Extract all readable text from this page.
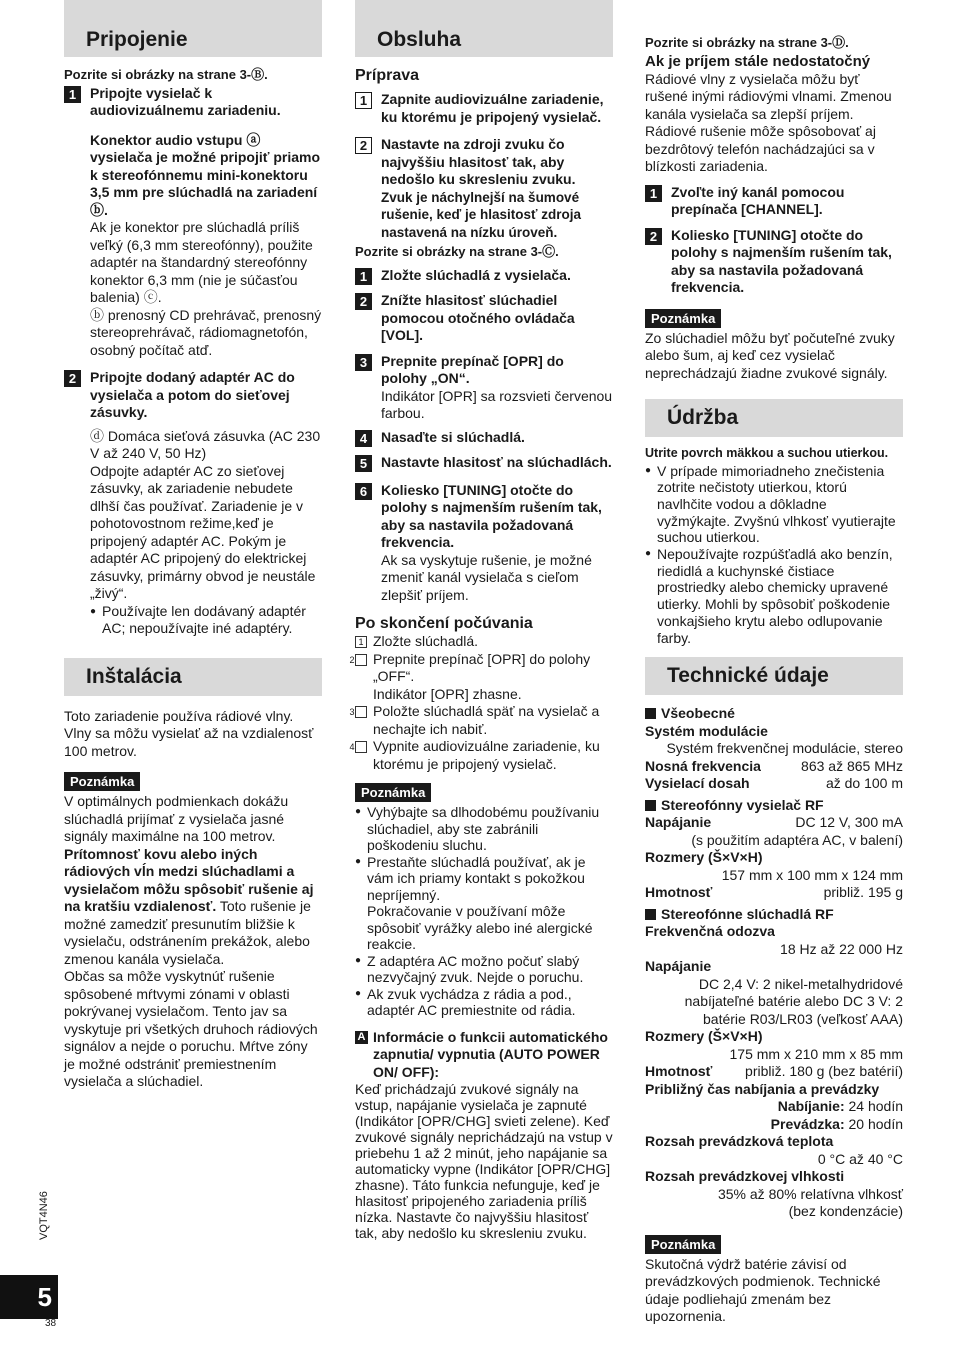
Pripojenie

Pozrite si obrázky na strane 3-Ⓑ.

1 Pripojte vysielač k audiovizuálnemu zariadeniu.
Konektor audio vstupu ⓐ vysielača je možné pripojiť priamo k stereofónnemu mini-konektoru 3,5 mm pre slúchadlá na zariadení ⓑ.
Ak je konektor pre slúchadlá príliš veľký (6,3 mm stereofónny), použite adaptér na štandardný stereofónny konektor 6,3 mm (nie je súčasťou balenia) ⓒ.
ⓑ prenosný CD prehrávač, prenosný stereoprehrávač, rádiomagnetofón, osobný počítač atď.
2 Pripojte dodaný adaptér AC do vysielača a potom do sieťovej zásuvky.
ⓓ Domáca sieťová zásuvka (AC 230 V až 240 V, 50 Hz)
Odpojte adaptér AC zo sieťovej zásuvky, ak zariadenie nebudete dlhší čas používať. Zariadenie je v pohotovostnom režime,keď je pripojený adaptér AC. Pokým je adaptér AC pripojený do elektrickej zásuvky, primárny obvod je neustále „živý“.
● Používajte len dodávaný adaptér AC; nepoužívajte iné adaptéry.
Inštalácia

Toto zariadenie používa rádiové vlny. Vlny sa môžu vysielať až na vzdialenosť 100 metrov.

Poznámka

V optimálnych podmienkach dokážu slúchadlá prijímať z vysielača jasné signály maximálne na 100 metrov.
Prítomnosť kovu alebo iných rádiových vĺn medzi slúchadlami a vysielačom môžu spôsobiť rušenie aj na kratšiu vzdialenosť. Toto rušenie je možné zamedziť presunutím bližšie k vysielaču, odstránením prekážok, alebo zmenou kanála vysielača.
Občas sa môže vyskytnúť rušenie spôsobené mŕtvymi zónami v oblasti pokrývanej vysielačom. Tento jav sa vyskytuje pri všetkých druhoch rádiových signálov a nejde o poruchu. Mŕtve zóny je možné odstrániť premiestnením vysielača a slúchadiel.

Obsluha

Príprava

1 Zapnite audiovizuálne zariadenie, ku ktorému je pripojený vysielač.
2 Nastavte na zdroji zvuku čo najvyššiu hlasitosť tak, aby nedošlo ku skresleniu zvuku.
Zvuk je náchylnejší na šumové rušenie, keď je hlasitosť zdroja nastavená na nízku úroveň.

Pozrite si obrázky na strane 3-Ⓒ.

1 Zložte slúchadlá z vysielača.
2 Znížte hlasitosť slúchadiel pomocou otočného ovládača [VOL].
3 Prepnite prepínač [OPR] do polohy „ON“.
Indikátor [OPR] sa rozsvieti červenou farbou.
4 Nasaďte si slúchadlá.
5 Nastavte hlasitosť na slúchadlách.
6 Koliesko [TUNING] otočte do polohy s najmenším rušením tak, aby sa nastavila požadovaná frekvencia.
Ak sa vyskytuje rušenie, je možné zmeniť kanál vysielača s cieľom zlepšiť príjem.

Po skončení počúvania

1 Zložte slúchadlá.
2 Prepnite prepínač [OPR] do polohy „OFF“.
Indikátor [OPR] zhasne.
3 Položte slúchadlá späť na vysielač a nechajte ich nabiť.
4 Vypnite audiovizuálne zariadenie, ku ktorému je pripojený vysielač.
Poznámka
● Vyhýbajte sa dlhodobému používaniu slúchadiel, aby ste zabránili poškodeniu sluchu.
● Prestaňte slúchadlá používať, ak je vám ich priamy kontakt s pokožkou nepríjemný.
Pokračovanie v používaní môže spôsobiť vyrážky alebo iné alergické reakcie.
● Z adaptéra AC možno počuť slabý nezvyčajný zvuk. Nejde o poruchu.
● Ak zvuk vychádza z rádia a pod., adaptér AC premiestnite od rádia.
A Informácie o funkcii automatického zapnutia/ vypnutia (AUTO POWER ON/ OFF):
Keď prichádzajú zvukové signály na vstup, napájanie vysielača je zapnuté (Indikátor [OPR/CHG] svieti zelene). Keď zvukové signály neprichádzajú na vstup v priebehu 1 až 2 minút, jeho napájanie sa automaticky vypne (Indikátor [OPR/CHG] zhasne). Táto funkcia nefunguje, keď je hlasitosť pripojeného zariadenia príliš nízka. Nastavte čo najvyššiu hlasitosť tak, aby nedošlo ku skresleniu zvuku.

Pozrite si obrázky na strane 3-Ⓓ.

Ak je príjem stále nedostatočný

Rádiové vlny z vysielača môžu byť rušené inými rádiovými vlnami. Zmenou kanála vysielača sa zlepší príjem. Rádiové rušenie môže spôsobovať aj bezdrôtový telefón nachádzajúci sa v blízkosti zariadenia.

1 Zvoľte iný kanál pomocou prepínača [CHANNEL].
2 Koliesko [TUNING] otočte do polohy s najmenším rušením tak, aby sa nastavila požadovaná frekvencia.
Poznámka

Zo slúchadiel môžu byť počuteľné zvuky alebo šum, aj keď cez vysielač neprechádzajú žiadne zvukové signály.

Údržba

Utrite povrch mäkkou a suchou utierkou.

● V prípade mimoriadneho znečistenia zotrite nečistoty utierkou, ktorú navlhčite vodou a dôkladne vyžmýkajte. Zvyšnú vlhkosť vyutierajte suchou utierkou.
● Nepoužívajte rozpúšťadlá ako benzín, riedidlá a kuchynské čistiace prostriedky alebo chemicky upravené utierky. Mohli by spôsobiť poškodenie vonkajšieho krytu alebo odlupovanie farby.
Technické údaje
Všeobecné
Systém modulácie
Systém frekvenčnej modulácie, stereo
Nosná frekvencia	863 až 865 MHz
Vysielací dosah	až do 100 m
Stereofónny vysielač RF
Napájanie	DC 12 V, 300 mA
(s použitím adaptéra AC, v balení)
Rozmery (Š×V×H)
157 mm x 100 mm x 124 mm
Hmotnosť	približ. 195 g
Stereofónne slúchadlá RF
Frekvenčná odozva
18 Hz až 22 000 Hz
Napájanie
DC 2,4 V: 2 nikel-metalhydridové nabíjateľné batérie alebo DC 3 V: 2 batérie R03/LR03 (veľkosť AAA)
Rozmery (Š×V×H)
175 mm x 210 mm x 85 mm
Hmotnosť približ. 180 g (bez batérií)
Približný čas nabíjania a prevádzky
Nabíjanie: 24 hodín
Prevádzka: 20 hodín
Rozsah prevádzková teplota
0 °C až 40 °C
Rozsah prevádzkovej vlhkosti
35% až 80% relatívna vlhkosť
(bez kondenzácie)
Poznámka

Skutočná výdrž batérie závisí od prevádzkových podmienok. Technické údaje podliehajú zmenám bez upozornenia.

VQT4N46
5
38
